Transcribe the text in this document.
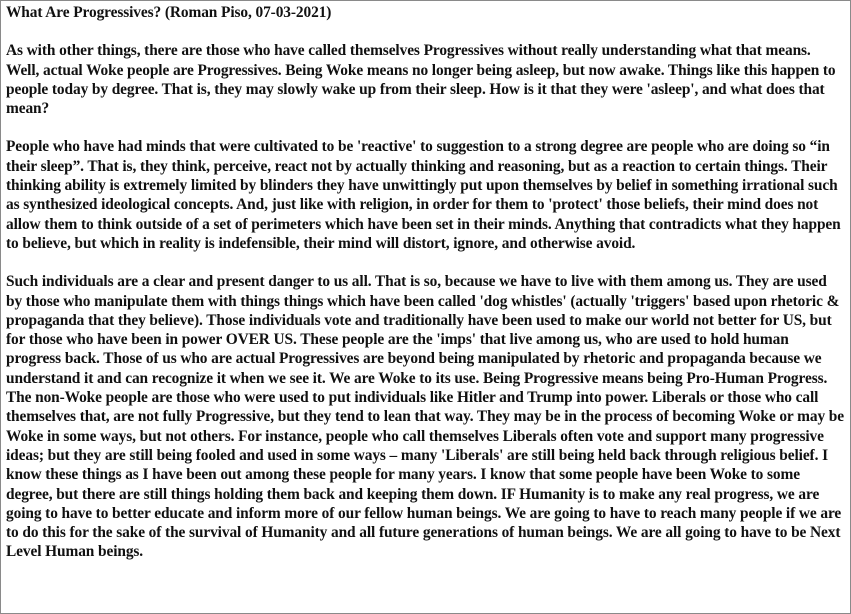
What Are Progressives? (Roman Piso, 07-03-2021)
As with other things, there are those who have called themselves Progressives without really understanding what that means. Well, actual Woke people are Progressives. Being Woke means no longer being asleep, but now awake. Things like this happen to people today by degree. That is, they may slowly wake up from their sleep. How is it that they were 'asleep', and what does that mean?
People who have had minds that were cultivated to be 'reactive' to suggestion to a strong degree are people who are doing so “in their sleep”. That is, they think, perceive, react not by actually thinking and reasoning, but as a reaction to certain things. Their thinking ability is extremely limited by blinders they have unwittingly put upon themselves by belief in something irrational such as synthesized ideological concepts. And, just like with religion, in order for them to 'protect' those beliefs, their mind does not allow them to think outside of a set of perimeters which have been set in their minds. Anything that contradicts what they happen to believe, but which in reality is indefensible, their mind will distort, ignore, and otherwise avoid.
Such individuals are a clear and present danger to us all. That is so, because we have to live with them among us. They are used by those who manipulate them with things things which have been called 'dog whistles' (actually 'triggers' based upon rhetoric & propaganda that they believe). Those individuals vote and traditionally have been used to make our world not better for US, but for those who have been in power OVER US. These people are the 'imps' that live among us, who are used to hold human progress back. Those of us who are actual Progressives are beyond being manipulated by rhetoric and propaganda because we understand it and can recognize it when we see it. We are Woke to its use. Being Progressive means being Pro-Human Progress. The non-Woke people are those who were used to put individuals like Hitler and Trump into power. Liberals or those who call themselves that, are not fully Progressive, but they tend to lean that way. They may be in the process of becoming Woke or may be Woke in some ways, but not others. For instance, people who call themselves Liberals often vote and support many progressive ideas; but they are still being fooled and used in some ways – many 'Liberals' are still being held back through religious belief. I know these things as I have been out among these people for many years. I know that some people have been Woke to some degree, but there are still things holding them back and keeping them down. IF Humanity is to make any real progress, we are going to have to better educate and inform more of our fellow human beings. We are going to have to reach many people if we are to do this for the sake of the survival of Humanity and all future generations of human beings. We are all going to have to be Next Level Human beings.
